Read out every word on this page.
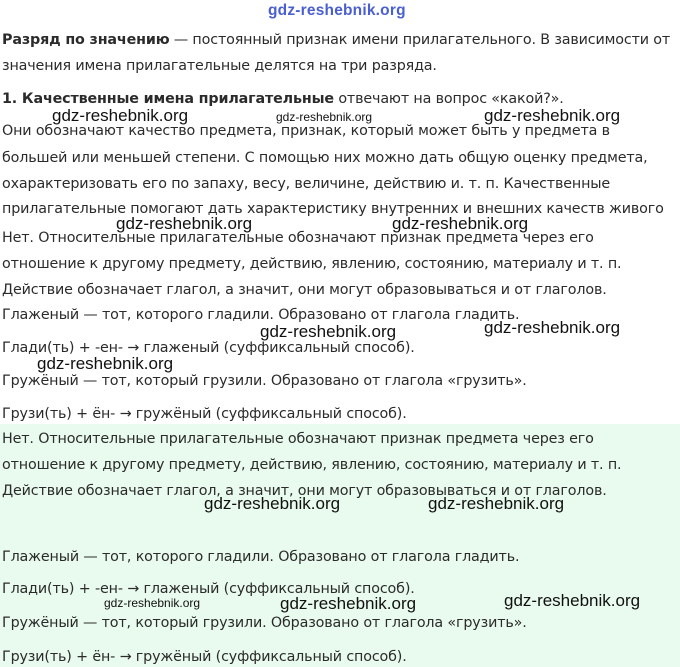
gdz-reshebnik.org
Разряд по значению — постоянный признак имени прилагательного. В зависимости от
значения имена прилагательные делятся на три разряда.
1. Качественные имена прилагательные отвечают на вопрос «какой?».
Они обозначают качество предмета, признак, который может быть у предмета в
большей или меньшей степени. С помощью них можно дать общую оценку предмета,
охарактеризовать его по запаху, весу, величине, действию и. т. п. Качественные
прилагательные помогают дать характеристику внутренних и внешних качеств живого
Нет. Относительные прилагательные обозначают признак предмета через его
отношение к другому предмету, действию, явлению, состоянию, материалу и т. п.
Действие обозначает глагол, а значит, они могут образовываться и от глаголов.
Глаженый — тот, которого гладили. Образовано от глагола гладить.
Глади(ть) + -ен- → глаженый (суффиксальный способ).
Гружёный — тот, который грузили. Образовано от глагола «грузить».
Грузи(ть) + ён- → гружёный (суффиксальный способ).
Нет. Относительные прилагательные обозначают признак предмета через его
отношение к другому предмету, действию, явлению, состоянию, материалу и т. п.
Действие обозначает глагол, а значит, они могут образовываться и от глаголов.
Глаженый — тот, которого гладили. Образовано от глагола гладить.
Глади(ть) + -ен- → глаженый (суффиксальный способ).
Гружёный — тот, который грузили. Образовано от глагола «грузить».
Грузи(ть) + ён- → гружёный (суффиксальный способ).
gdz-reshebnik.org	gdz-reshebnik.org	gdz-reshebnik.org
gdz-reshebnik.org	gdz-reshebnik.org
gdz-reshebnik.org	gdz-reshebnik.org
gdz-reshebnik.org
gdz-reshebnik.org	gdz-reshebnik.org
gdz-reshebnik.org	gdz-reshebnik.org	gdz-reshebnik.org
